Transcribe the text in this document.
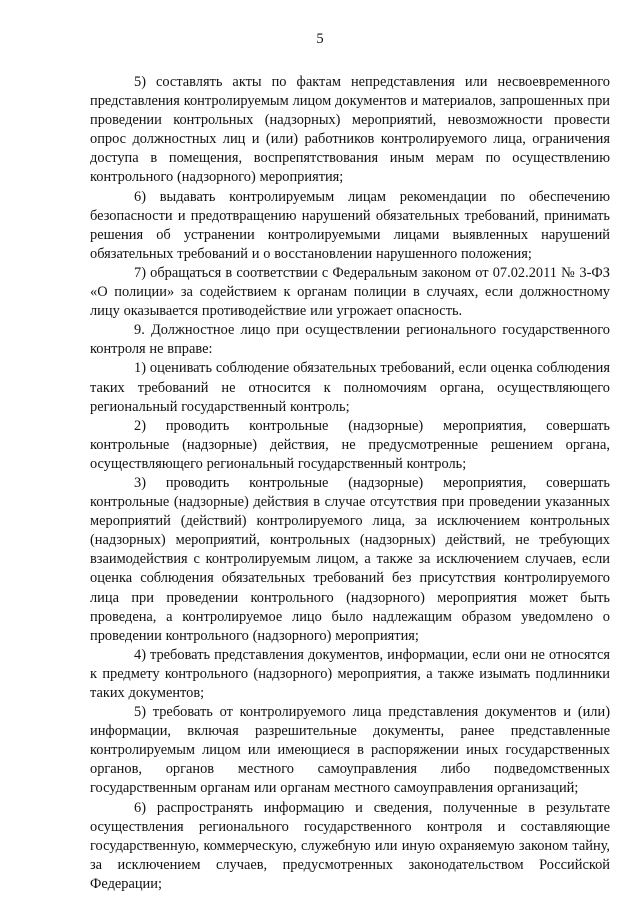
5

5) составлять акты по фактам непредставления или несвоевременного представления контролируемым лицом документов и материалов, запрошенных при проведении контрольных (надзорных) мероприятий, невозможности провести опрос должностных лиц и (или) работников контролируемого лица, ограничения доступа в помещения, воспрепятствования иным мерам по осуществлению контрольного (надзорного) мероприятия;

6) выдавать контролируемым лицам рекомендации по обеспечению безопасности и предотвращению нарушений обязательных требований, принимать решения об устранении контролируемыми лицами выявленных нарушений обязательных требований и о восстановлении нарушенного положения;

7) обращаться в соответствии с Федеральным законом от 07.02.2011 № 3-ФЗ «О полиции» за содействием к органам полиции в случаях, если должностному лицу оказывается противодействие или угрожает опасность.

9. Должностное лицо при осуществлении регионального государственного контроля не вправе:

1) оценивать соблюдение обязательных требований, если оценка соблюдения таких требований не относится к полномочиям органа, осуществляющего региональный государственный контроль;

2) проводить контрольные (надзорные) мероприятия, совершать контрольные (надзорные) действия, не предусмотренные решением органа, осуществляющего региональный государственный контроль;

3) проводить контрольные (надзорные) мероприятия, совершать контрольные (надзорные) действия в случае отсутствия при проведении указанных мероприятий (действий) контролируемого лица, за исключением контрольных (надзорных) мероприятий, контрольных (надзорных) действий, не требующих взаимодействия с контролируемым лицом, а также за исключением случаев, если оценка соблюдения обязательных требований без присутствия контролируемого лица при проведении контрольного (надзорного) мероприятия может быть проведена, а контролируемое лицо было надлежащим образом уведомлено о проведении контрольного (надзорного) мероприятия;

4) требовать представления документов, информации, если они не относятся к предмету контрольного (надзорного) мероприятия, а также изымать подлинники таких документов;

5) требовать от контролируемого лица представления документов и (или) информации, включая разрешительные документы, ранее представленные контролируемым лицом или имеющиеся в распоряжении иных государственных органов, органов местного самоуправления либо подведомственных государственным органам или органам местного самоуправления организаций;

6) распространять информацию и сведения, полученные в результате осуществления регионального государственного контроля и составляющие государственную, коммерческую, служебную или иную охраняемую законом тайну, за исключением случаев, предусмотренных законодательством Российской Федерации;
